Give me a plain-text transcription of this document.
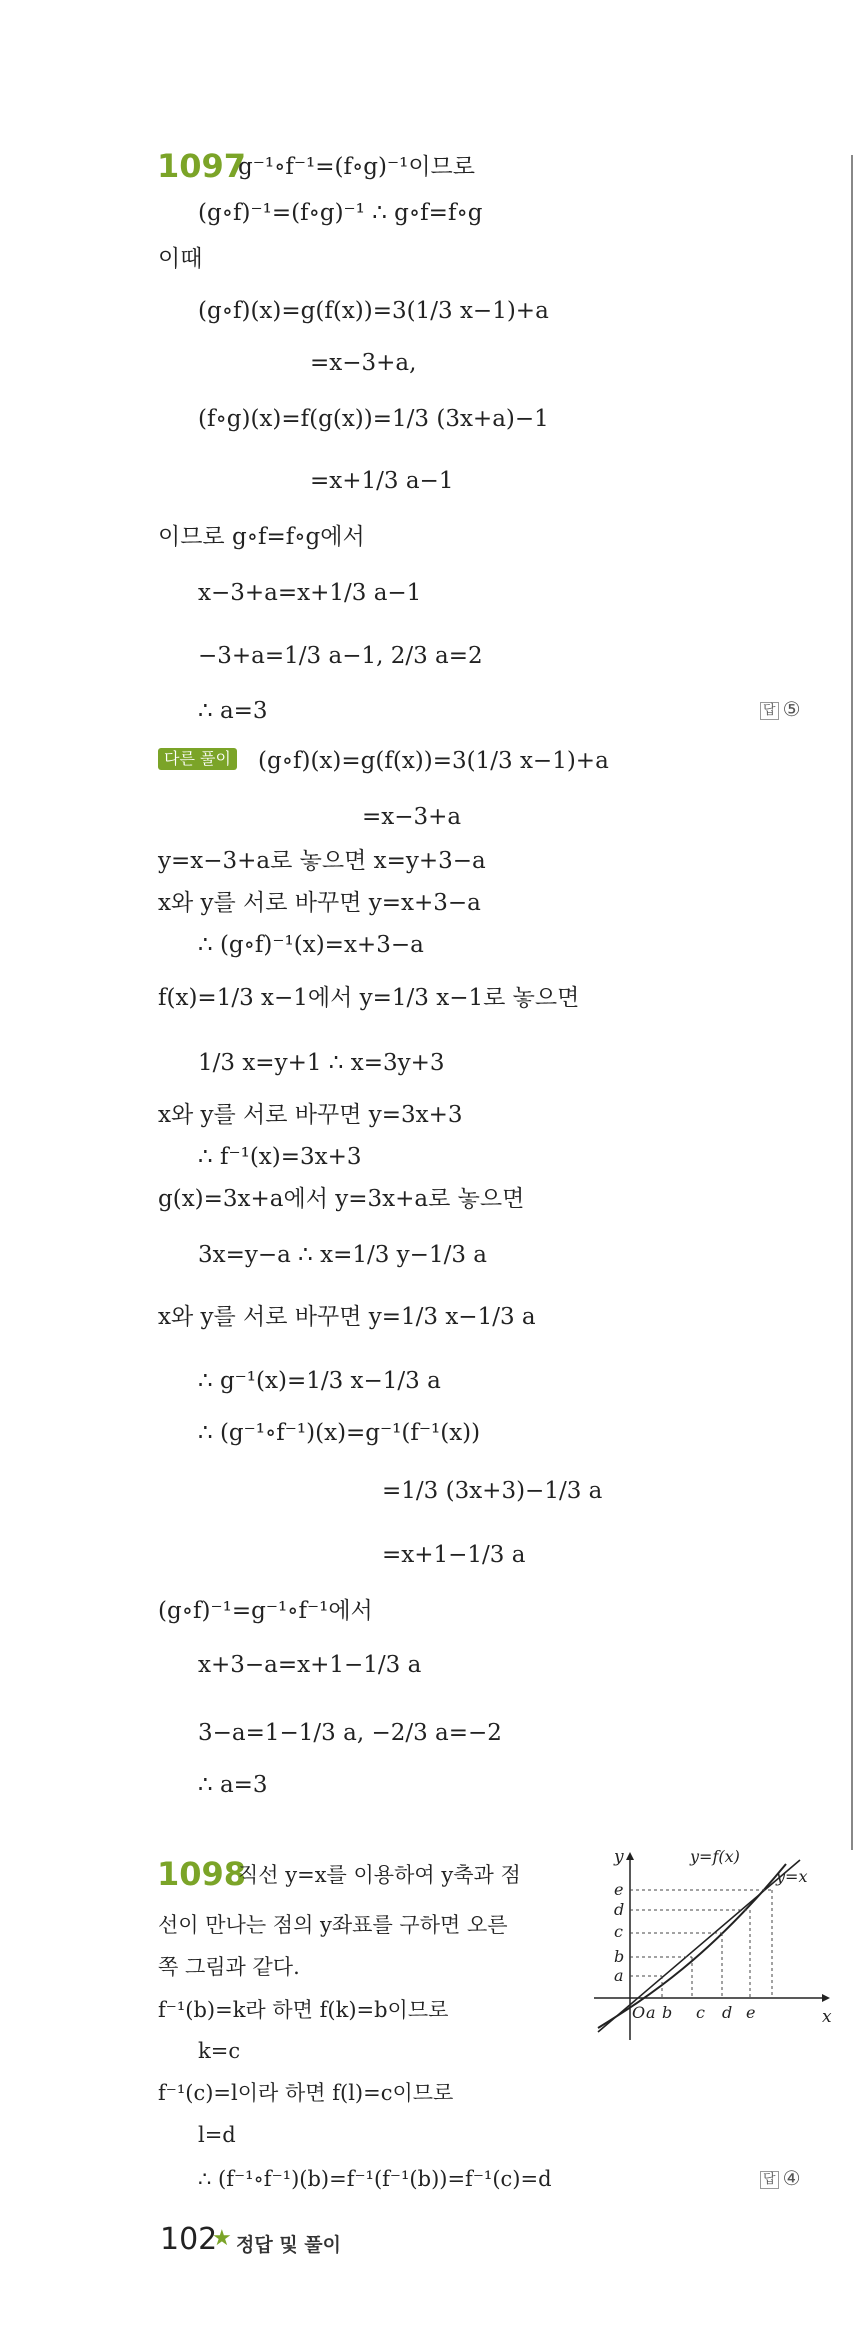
1097
g⁻¹∘f⁻¹=(f∘g)⁻¹이므로
(g∘f)⁻¹=(f∘g)⁻¹ ∴ g∘f=f∘g
이때
(g∘f)(x)=g(f(x))=3(1/3 x−1)+a
=x−3+a,
(f∘g)(x)=f(g(x))=1/3 (3x+a)−1
=x+1/3 a−1
이므로 g∘f=f∘g에서
x−3+a=x+1/3 a−1
−3+a=1/3 a−1, 2/3 a=2
∴ a=3	답 ⑤
다른 풀이 (g∘f)(x)=g(f(x))=3(1/3 x−1)+a
=x−3+a
y=x−3+a로 놓으면 x=y+3−a
x와 y를 서로 바꾸면 y=x+3−a
∴ (g∘f)⁻¹(x)=x+3−a
f(x)=1/3 x−1에서 y=1/3 x−1로 놓으면
1/3 x=y+1 ∴ x=3y+3
x와 y를 서로 바꾸면 y=3x+3
∴ f⁻¹(x)=3x+3
g(x)=3x+a에서 y=3x+a로 놓으면
3x=y−a ∴ x=1/3 y−1/3 a
x와 y를 서로 바꾸면 y=1/3 x−1/3 a
∴ g⁻¹(x)=1/3 x−1/3 a
∴ (g⁻¹∘f⁻¹)(x)=g⁻¹(f⁻¹(x))
=1/3 (3x+3)−1/3 a
=x+1−1/3 a
(g∘f)⁻¹=g⁻¹∘f⁻¹에서
x+3−a=x+1−1/3 a
3−a=1−1/3 a, −2/3 a=−2
∴ a=3
1098
직선 y=x를 이용하여 y축과 점
선이 만나는 점의 y좌표를 구하면 오른
쪽 그림과 같다.
f⁻¹(b)=k라 하면 f(k)=b이므로
k=c
f⁻¹(c)=l이라 하면 f(l)=c이므로
l=d
∴ (f⁻¹∘f⁻¹)(b)=f⁻¹(f⁻¹(b))=f⁻¹(c)=d	답 ④
y
x
O
y=f(x)
y=x
a b c d e
e
d
c
b
a
102
★ 정답 및 풀이
